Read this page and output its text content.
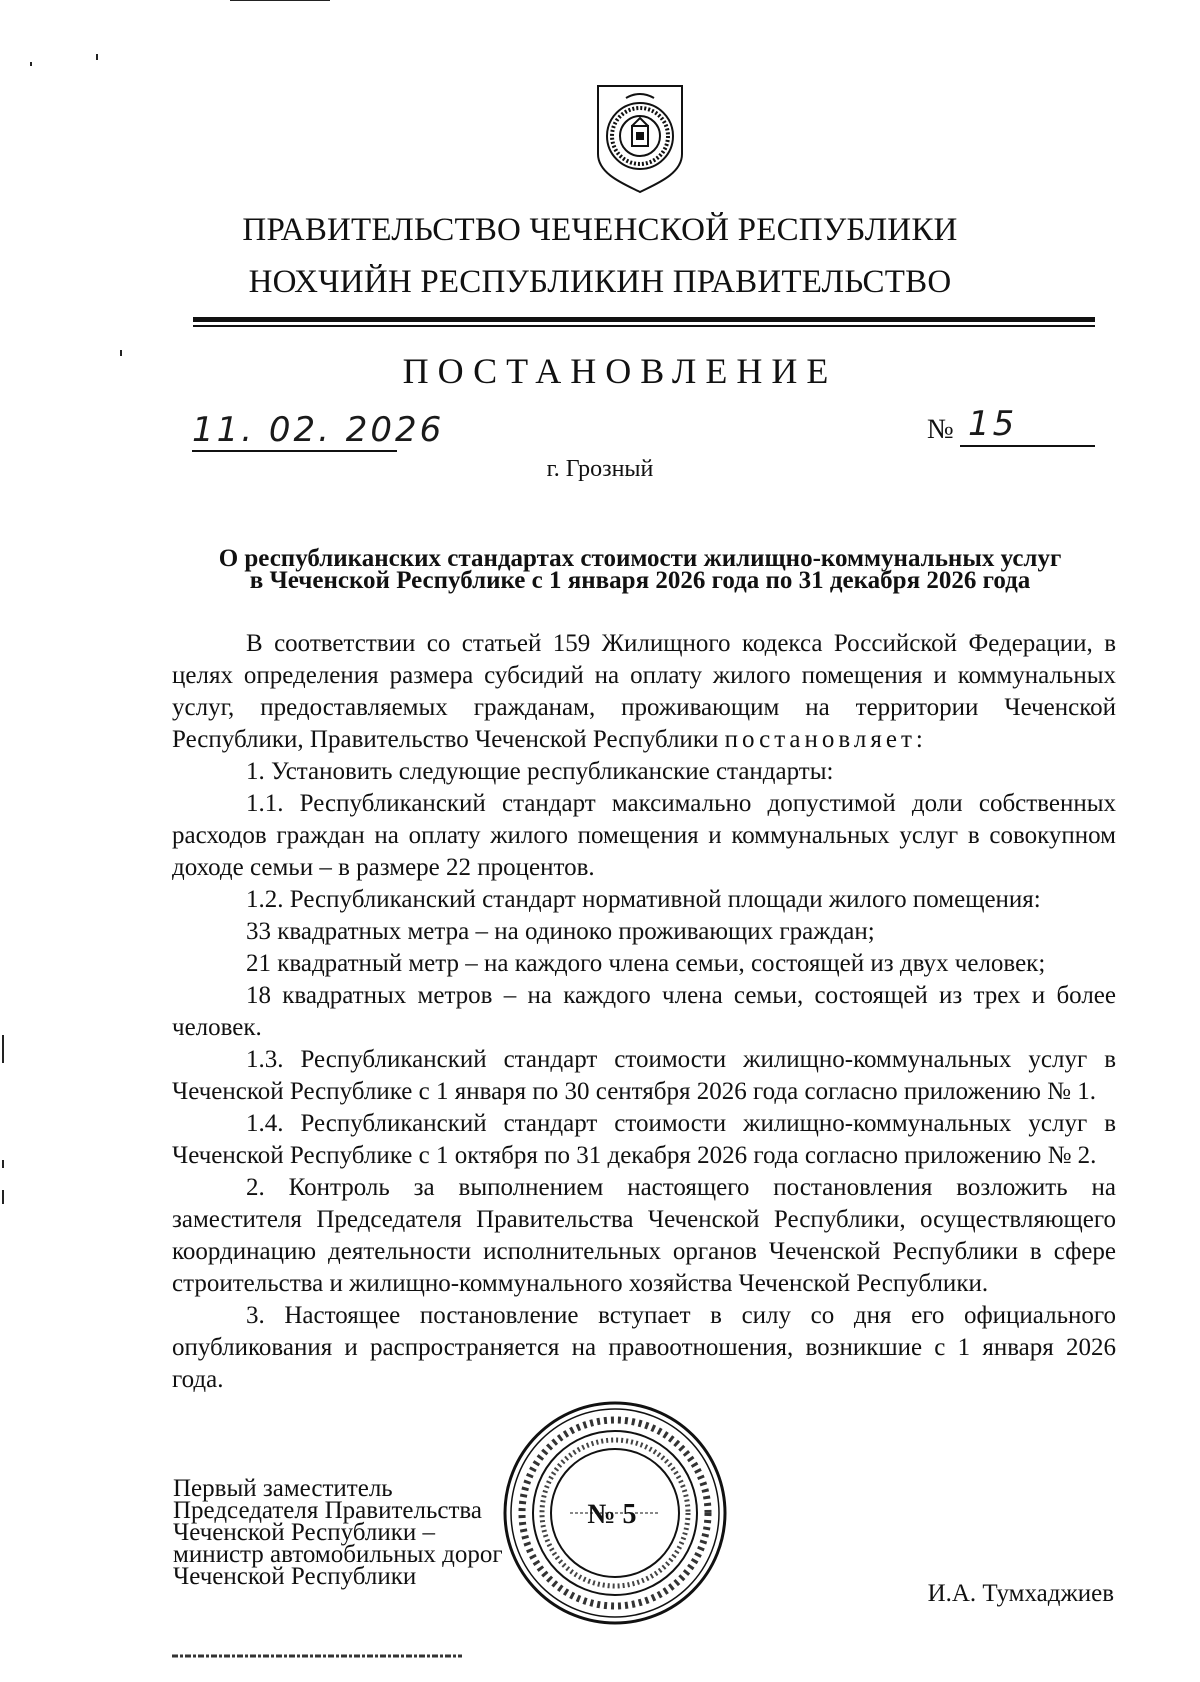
ПРАВИТЕЛЬСТВО ЧЕЧЕНСКОЙ РЕСПУБЛИКИ
НОХЧИЙН РЕСПУБЛИКИН ПРАВИТЕЛЬСТВО
ПОСТАНОВЛЕНИЕ
11. 02. 2026	№ 15
г. Грозный
О республиканских стандартах стоимости жилищно-коммунальных услуг
в Чеченской Республике с 1 января 2026 года по 31 декабря 2026 года

В соответствии со статьей 159 Жилищного кодекса Российской Федерации, в целях определения размера субсидий на оплату жилого помещения и коммунальных услуг, предоставляемых гражданам, проживающим на территории Чеченской Республики, Правительство Чеченской Республики постановляет:

1. Установить следующие республиканские стандарты:

1.1. Республиканский стандарт максимально допустимой доли собственных расходов граждан на оплату жилого помещения и коммунальных услуг в совокупном доходе семьи – в размере 22 процентов.

1.2. Республиканский стандарт нормативной площади жилого помещения:

33 квадратных метра – на одиноко проживающих граждан;

21 квадратный метр – на каждого члена семьи, состоящей из двух человек;

18 квадратных метров – на каждого члена семьи, состоящей из трех и более человек.

1.3. Республиканский стандарт стоимости жилищно-коммунальных услуг в Чеченской Республике с 1 января по 30 сентября 2026 года согласно приложению № 1.

1.4. Республиканский стандарт стоимости жилищно-коммунальных услуг в Чеченской Республике с 1 октября по 31 декабря 2026 года согласно приложению № 2.

2. Контроль за выполнением настоящего постановления возложить на заместителя Председателя Правительства Чеченской Республики, осуществляющего координацию деятельности исполнительных органов Чеченской Республики в сфере строительства и жилищно-коммунального хозяйства Чеченской Республики.

3. Настоящее постановление вступает в силу со дня его официального опубликования и распространяется на правоотношения, возникшие с 1 января 2026 года.

Первый заместитель
Председателя Правительства
Чеченской Республики –
министр автомобильных дорог
Чеченской Республики
№ 5
И.А. Тумхаджиев
